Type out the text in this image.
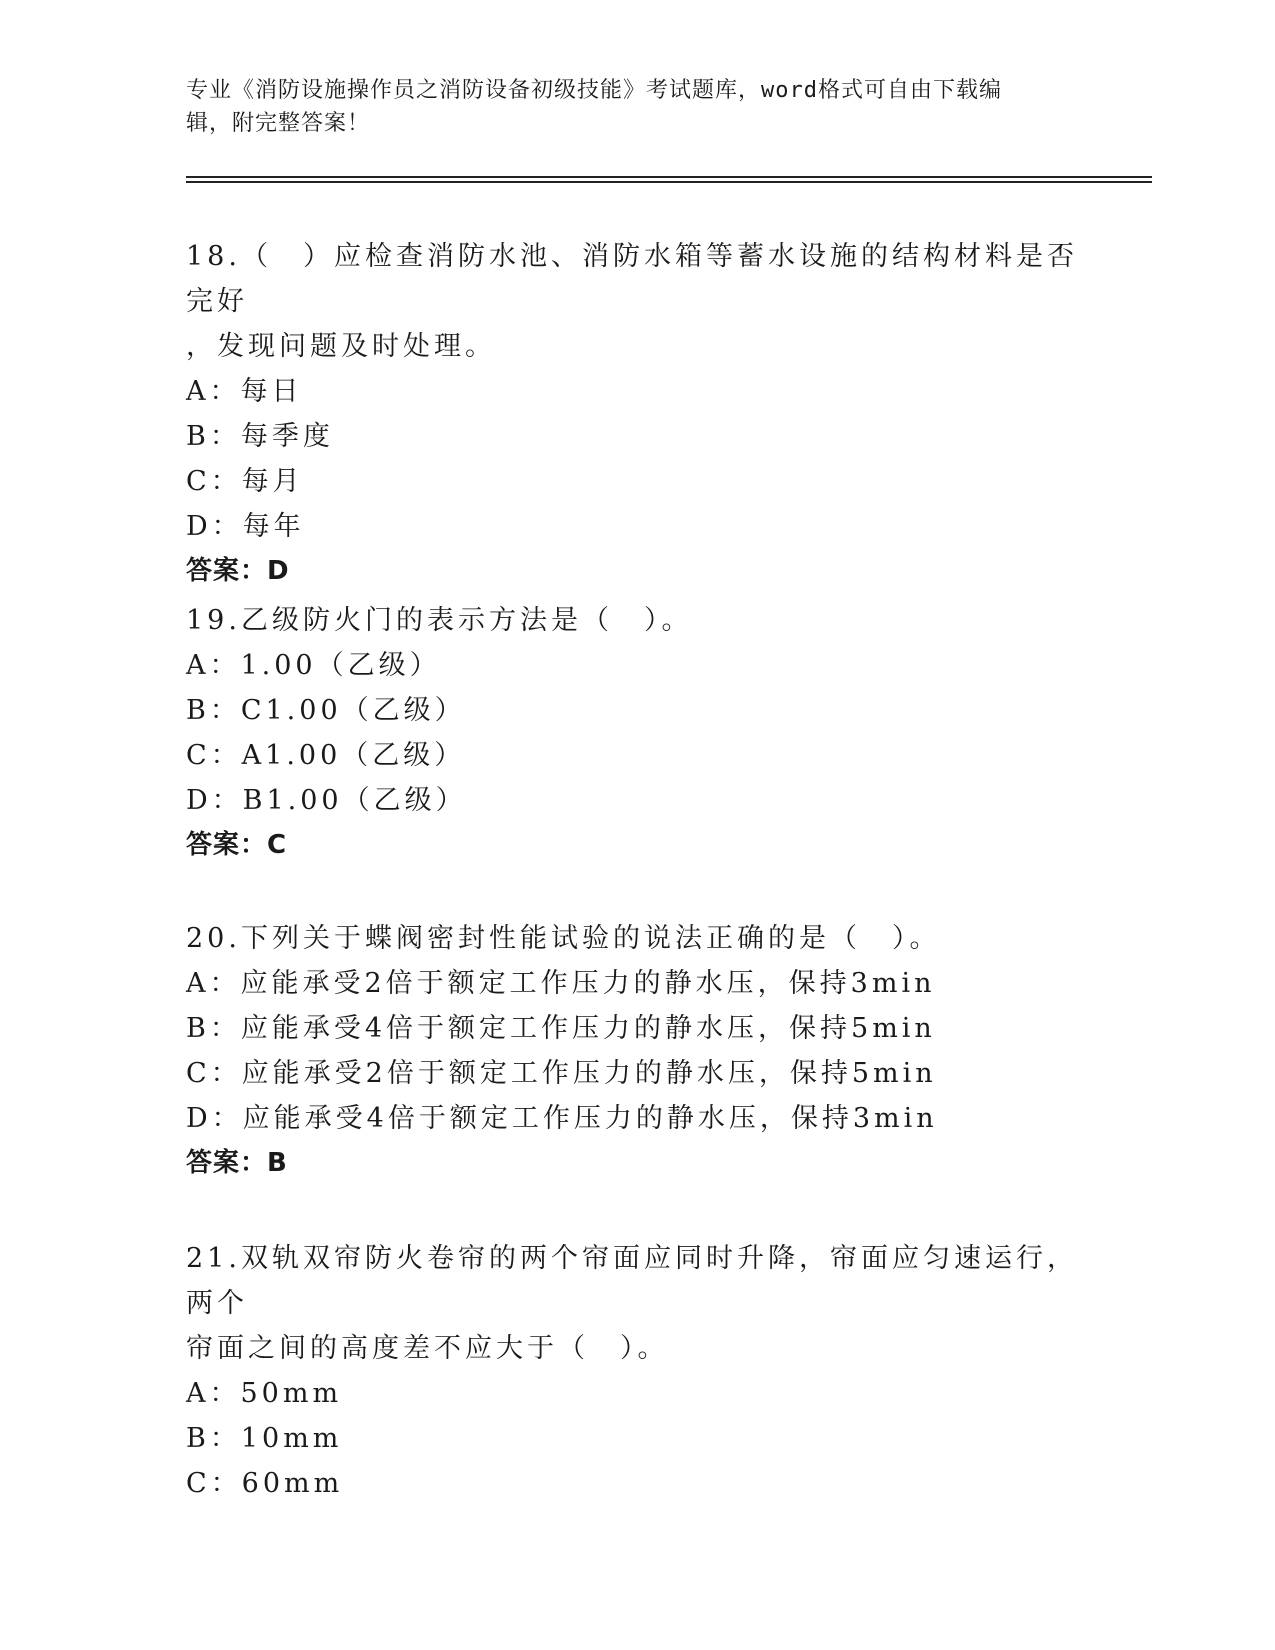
专业《消防设施操作员之消防设备初级技能》考试题库，word格式可自由下载编
辑，附完整答案！

18.（　）应检查消防水池、消防水箱等蓄水设施的结构材料是否完好

，发现问题及时处理。

A：每日

B：每季度

C：每月

D：每年

答案：D

19.乙级防火门的表示方法是（　）。

A：1.00（乙级）

B：C1.00（乙级）

C：A1.00（乙级）

D：B1.00（乙级）

答案：C

20.下列关于蝶阀密封性能试验的说法正确的是（　）。

A：应能承受2倍于额定工作压力的静水压，保持3min

B：应能承受4倍于额定工作压力的静水压，保持5min

C：应能承受2倍于额定工作压力的静水压，保持5min

D：应能承受4倍于额定工作压力的静水压，保持3min

答案：B

21.双轨双帘防火卷帘的两个帘面应同时升降，帘面应匀速运行，两个

帘面之间的高度差不应大于（　）。

A：50mm

B：10mm

C：60mm
